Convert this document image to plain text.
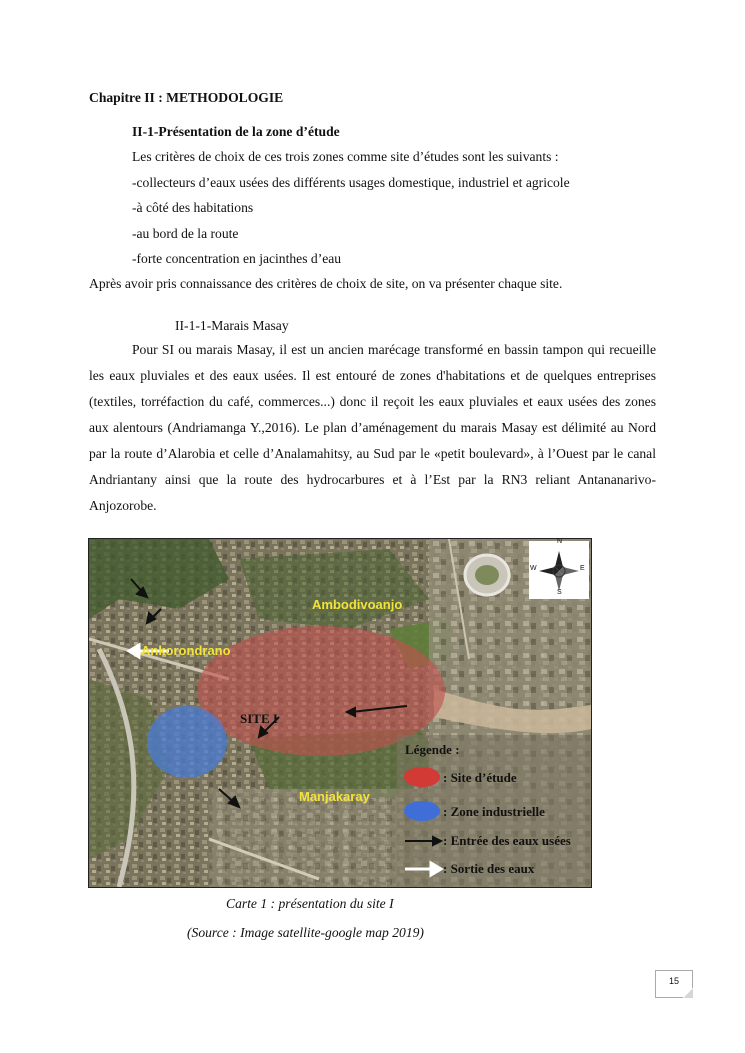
Chapitre II : METHODOLOGIE
II-1-Présentation de la zone d’étude
Les critères de choix de ces trois zones comme site d’études sont les suivants :
-collecteurs d’eaux usées des différents usages domestique, industriel et agricole
-à côté des habitations
-au bord de la route
-forte concentration en jacinthes d’eau
Après avoir pris connaissance des critères de choix de site, on va présenter chaque site.
II-1-1-Marais Masay
Pour SI ou marais Masay, il est un ancien marécage transformé en bassin tampon qui recueille les eaux pluviales et des eaux usées. Il est entouré de zones d'habitations et de quelques entreprises (textiles, torréfaction du café, commerces...) donc il reçoit les eaux pluviales et eaux usées des zones aux alentours (Andriamanga Y.,2016). Le plan d’aménagement du marais Masay est délimité au Nord par la route d’Alarobia et celle d’Analamahitsy, au Sud par le «petit boulevard», à l’Ouest par le canal Andriantany ainsi que la route des hydrocarbures et à l’Est par la RN3 reliant Antananarivo-Anjozorobe.
N
S
E
W
Ambodivoanjo
Ankorondrano
Manjakaray
SITE I
Légende :
: Site d’étude
: Zone industrielle
: Entrée des eaux usées
: Sortie des eaux
Carte 1 : présentation du site I
(Source : Image satellite-google map 2019)
15
